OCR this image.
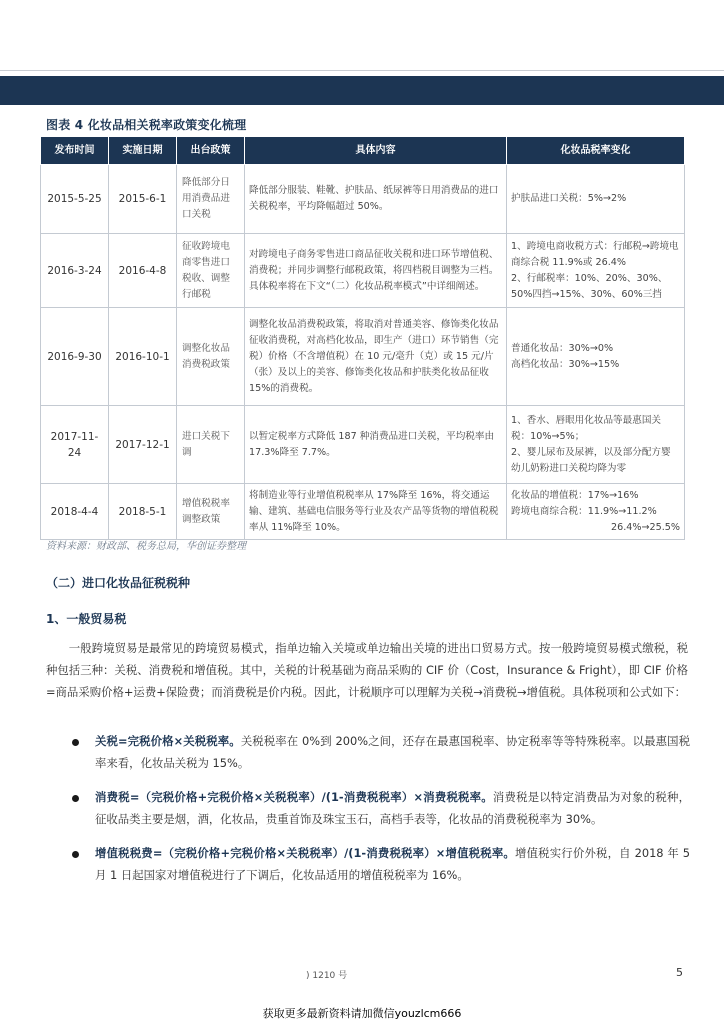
图表 4 化妆品相关税率政策变化梳理
发布时间	实施日期	出台政策	具体内容	化妆品税率变化
2015-5-25	2015-6-1	降低部分日
用消费品进
口关税	降低部分服装、鞋靴、护肤品、纸尿裤等日用消费品的进口关税税率，平均降幅超过 50%。	护肤品进口关税：5%→2%
2016-3-24	2016-4-8	征收跨境电
商零售进口
税收、调整
行邮税	对跨境电子商务零售进口商品征收关税和进口环节增值税、消费税；并同步调整行邮税政策，将四档税目调整为三档。具体税率将在下文“（二）化妆品税率模式”中详细阐述。	1、跨境电商收税方式：行邮税→跨境电商综合税 11.9%或 26.4%
2、行邮税率：10%、20%、30%、50%四挡→15%、30%、60%三挡
2016-9-30	2016-10-1	调整化妆品
消费税政策	调整化妆品消费税政策，将取消对普通美容、修饰类化妆品征收消费税，对高档化妆品，即生产（进口）环节销售（完税）价格（不含增值税）在 10 元/毫升（克）或 15 元/片（张）及以上的美容、修饰类化妆品和护肤类化妆品征收 15%的消费税。	普通化妆品：30%→0%
高档化妆品：30%→15%
2017-11-24	2017-12-1	进口关税下
调	以暂定税率方式降低 187 种消费品进口关税，平均税率由 17.3%降至 7.7%。	1、香水、唇眼用化妆品等最惠国关税：10%→5%；
2、婴儿尿布及尿裤，以及部分配方婴幼儿奶粉进口关税均降为零
2018-4-4	2018-5-1	增值税税率
调整政策	将制造业等行业增值税税率从 17%降至 16%，将交通运输、建筑、基础电信服务等行业及农产品等货物的增值税税率从 11%降至 10%。	化妆品的增值税：17%→16%
跨境电商综合税：11.9%→11.2%
26.4%→25.5%
资料来源：财政部、税务总局，华创证券整理
（二）进口化妆品征税税种
1、一般贸易税

一般跨境贸易是最常见的跨境贸易模式，指单边输入关境或单边输出关境的进出口贸易方式。按一般跨境贸易模式缴税，税种包括三种：关税、消费税和增值税。其中，关税的计税基础为商品采购的 CIF 价（Cost，Insurance & Fright），即 CIF 价格=商品采购价格+运费+保险费；而消费税是价内税。因此，计税顺序可以理解为关税→消费税→增值税。具体税项和公式如下：

关税=完税价格×关税税率。关税税率在 0%到 200%之间，还存在最惠国税率、协定税率等等特殊税率。以最惠国税率来看，化妆品关税为 15%。
消费税=（完税价格+完税价格×关税税率）/(1-消费税税率）×消费税税率。消费税是以特定消费品为对象的税种，征收品类主要是烟，酒，化妆品，贵重首饰及珠宝玉石，高档手表等，化妆品的消费税税率为 30%。
增值税税费=（完税价格+完税价格×关税税率）/(1-消费税税率）×增值税税率。增值税实行价外税，自 2018 年 5 月 1 日起国家对增值税进行了下调后，化妆品适用的增值税税率为 16%。
) 1210 号	5
获取更多最新资料请加微信youzlcm666
